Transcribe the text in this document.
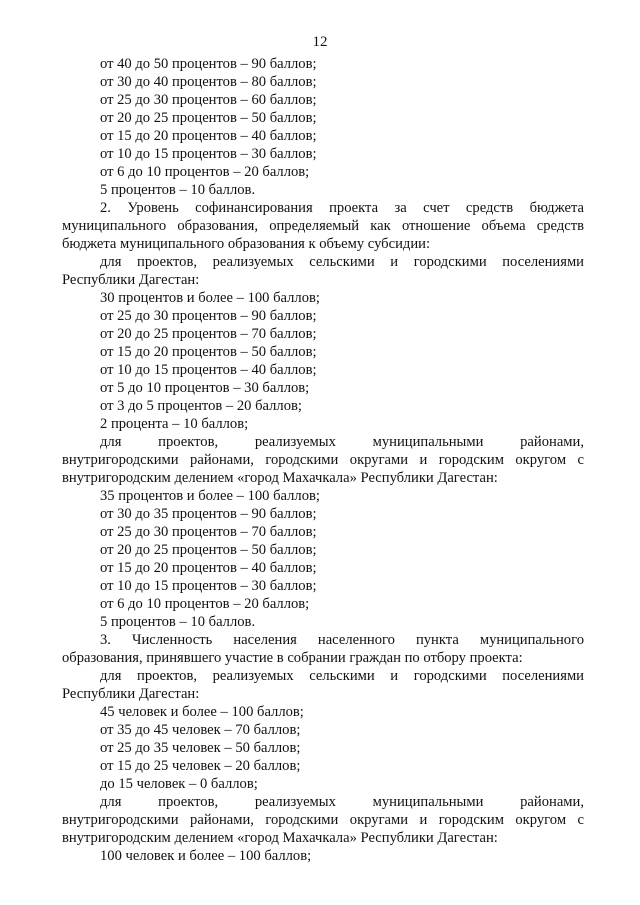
12
от 40 до 50 процентов – 90 баллов;
от 30 до 40 процентов – 80 баллов;
от 25 до 30 процентов – 60 баллов;
от 20 до 25 процентов – 50 баллов;
от 15 до 20 процентов – 40 баллов;
от 10 до 15 процентов – 30 баллов;
от 6 до 10 процентов – 20 баллов;
5 процентов – 10 баллов.
2. Уровень софинансирования проекта за счет средств бюджета
муниципального образования, определяемый как отношение объема средств
бюджета муниципального образования к объему субсидии:
для проектов, реализуемых сельскими и городскими поселениями
Республики Дагестан:
30 процентов и более – 100 баллов;
от 25 до 30 процентов – 90 баллов;
от 20 до 25 процентов – 70 баллов;
от 15 до 20 процентов – 50 баллов;
от 10 до 15 процентов – 40 баллов;
от 5 до 10 процентов – 30 баллов;
от 3 до 5 процентов – 20 баллов;
2 процента – 10 баллов;
для проектов, реализуемых муниципальными районами,
внутригородскими районами, городскими округами и городским округом с
внутригородским делением «город Махачкала» Республики Дагестан:
35 процентов и более – 100 баллов;
от 30 до 35 процентов – 90 баллов;
от 25 до 30 процентов – 70 баллов;
от 20 до 25 процентов – 50 баллов;
от 15 до 20 процентов – 40 баллов;
от 10 до 15 процентов – 30 баллов;
от 6 до 10 процентов – 20 баллов;
5 процентов – 10 баллов.
3. Численность населения населенного пункта муниципального
образования, принявшего участие в собрании граждан по отбору проекта:
для проектов, реализуемых сельскими и городскими поселениями
Республики Дагестан:
45 человек и более – 100 баллов;
от 35 до 45 человек – 70 баллов;
от 25 до 35 человек – 50 баллов;
от 15 до 25 человек – 20 баллов;
до 15 человек – 0 баллов;
для проектов, реализуемых муниципальными районами,
внутригородскими районами, городскими округами и городским округом с
внутригородским делением «город Махачкала» Республики Дагестан:
100 человек и более – 100 баллов;
